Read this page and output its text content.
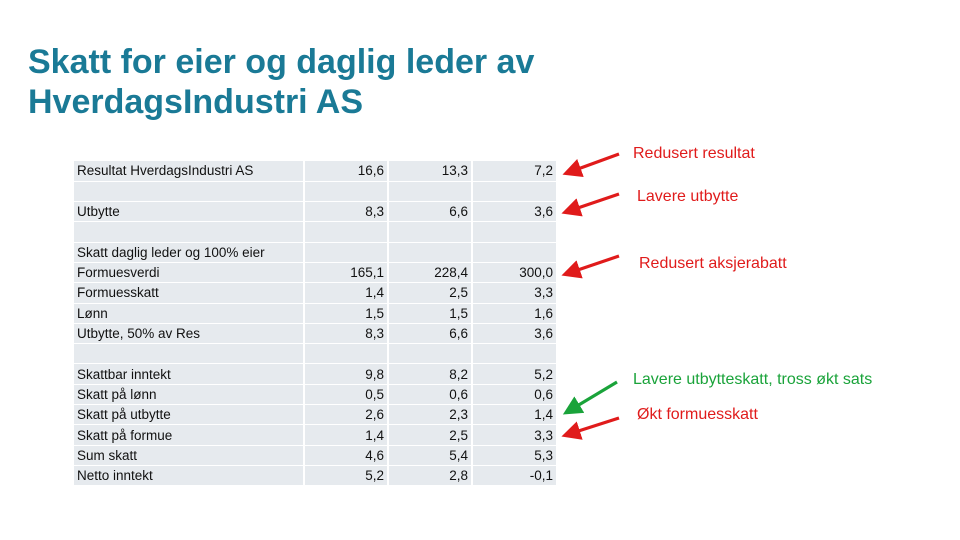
Skatt for eier og daglig leder av
HverdagsIndustri AS
Resultat HverdagsIndustri AS	16,6	13,3	7,2

Utbytte	8,3	6,6	3,6

Skatt daglig leder og 100% eier			
Formuesverdi	165,1	228,4	300,0
Formuesskatt	1,4	2,5	3,3
Lønn	1,5	1,5	1,6
Utbytte, 50% av Res	8,3	6,6	3,6

Skattbar inntekt	9,8	8,2	5,2
Skatt på lønn	0,5	0,6	0,6
Skatt på utbytte	2,6	2,3	1,4
Skatt på formue	1,4	2,5	3,3
Sum skatt	4,6	5,4	5,3
Netto inntekt	5,2	2,8	-0,1
Redusert resultat
Lavere utbytte
Redusert aksjerabatt
Lavere utbytteskatt, tross økt sats
Økt formuesskatt
